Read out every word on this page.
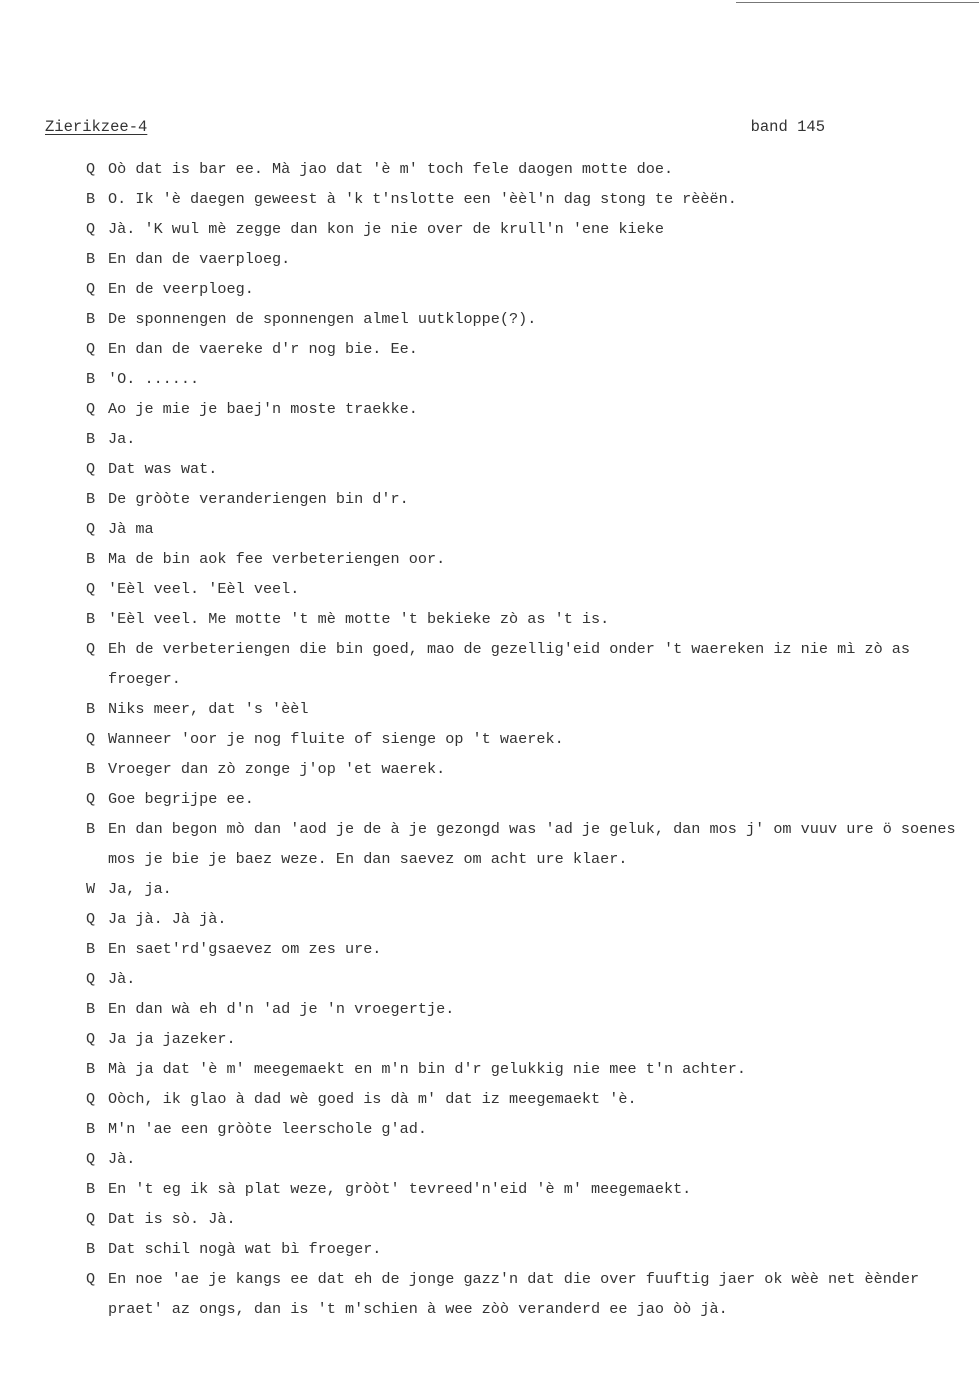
Zierikzee-4	band 145
Q Oò dat is bar ee. Mà jao dat 'è m' toch fele daogen motte doe.
B O. Ik 'è daegen geweest à 'k t'nslotte een 'èèl'n dag stong te rèèën.
Q Jà. 'K wul mè zegge dan kon je nie over de krull'n 'ene kieke
B En dan de vaerploeg.
Q En de veerploeg.
B De sponnengen de sponnengen almel uutkloppe(?).
Q En dan de vaereke d'r nog bie. Ee.
B 'O. ......
Q Ao je mie je baej'n moste traekke.
B Ja.
Q Dat was wat.
B De gròòte veranderiengen bin d'r.
Q Jà ma
B Ma de bin aok fee verbeteriengen oor.
Q 'Eèl veel. 'Eèl veel.
B 'Eèl veel. Me motte 't mè motte 't bekieke zò as 't is.
Q Eh de verbeteriengen die bin goed, mao de gezellig'eid onder 't waereken iz nie mì zò as froeger.
B Niks meer, dat 's 'èèl
Q Wanneer 'oor je nog fluite of sienge op 't waerek.
B Vroeger dan zò zonge j'op 'et waerek.
Q Goe begrijpe ee.
B En dan begon mò dan 'aod je de à je gezongd was 'ad je geluk, dan mos j' om vuuv ure ö soenes mos je bie je baez weze. En dan saevez om acht ure klaer.
W Ja, ja.
Q Ja jà. Jà jà.
B En saet'rd'gsaevez om zes ure.
Q Jà.
B En dan wà eh d'n 'ad je 'n vroegertje.
Q Ja ja jazeker.
B Mà ja dat 'è m' meegemaekt en m'n bin d'r gelukkig nie mee t'n achter.
Q Oòch, ik glao à dad wè goed is dà m' dat iz meegemaekt 'è.
B M'n 'ae een gròòte leerschole g'ad.
Q Jà.
B En 't eg ik sà plat weze, gròòt' tevreed'n'eid 'è m' meegemaekt.
Q Dat is sò. Jà.
B Dat schil nogà wat bì froeger.
Q En noe 'ae je kangs ee dat eh de jonge gazz'n dat die over fuuftig jaer ok wèè net èènder praet' az ongs, dan is 't m'schien à wee zòò veranderd ee jao òò jà.
